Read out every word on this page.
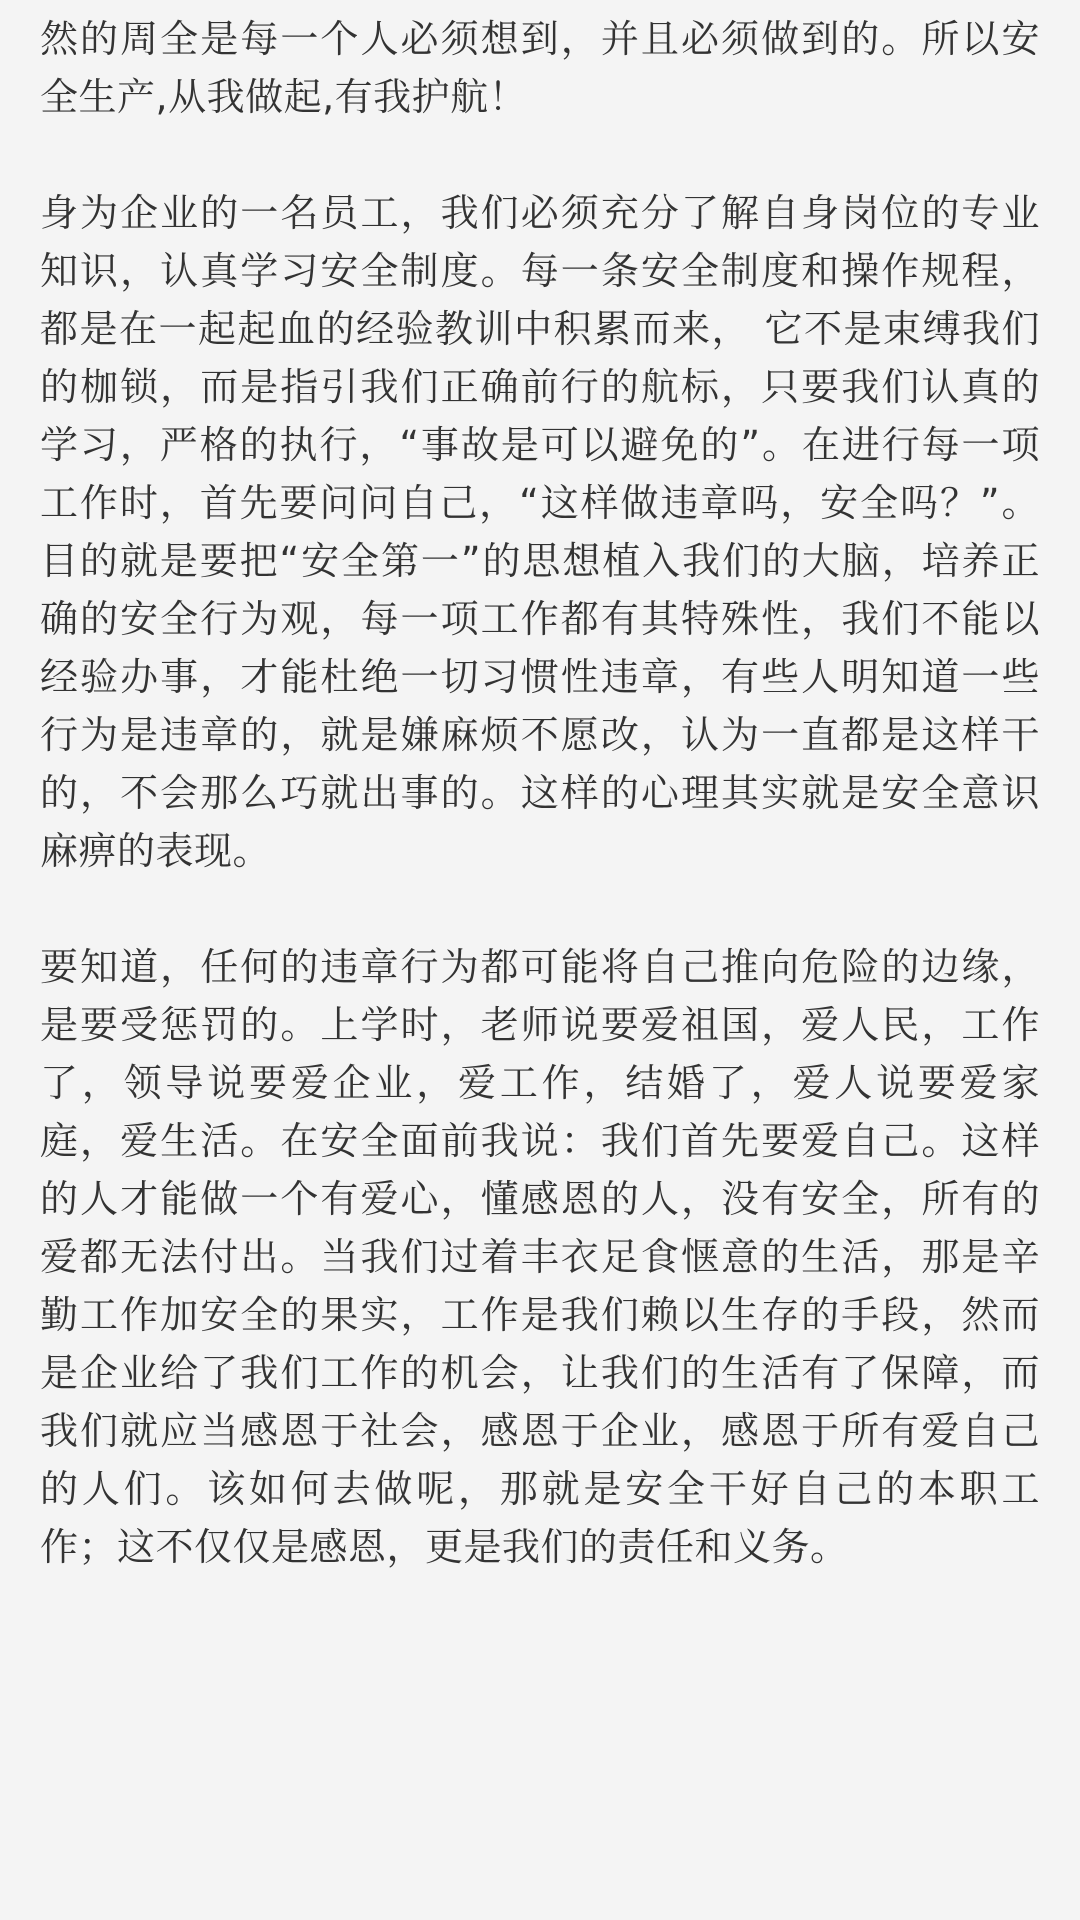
然的周全是每一个人必须想到，并且必须做到的。所以安全生产,从我做起,有我护航！

身为企业的一名员工，我们必须充分了解自身岗位的专业知识，认真学习安全制度。每一条安全制度和操作规程，都是在一起起血的经验教训中积累而来， 它不是束缚我们的枷锁，而是指引我们正确前行的航标，只要我们认真的学习，严格的执行，“事故是可以避免的”。在进行每一项工作时，首先要问问自己，“这样做违章吗，安全吗？”。目的就是要把“安全第一”的思想植入我们的大脑，培养正确的安全行为观，每一项工作都有其特殊性，我们不能以经验办事，才能杜绝一切习惯性违章，有些人明知道一些行为是违章的，就是嫌麻烦不愿改，认为一直都是这样干的，不会那么巧就出事的。这样的心理其实就是安全意识麻痹的表现。

要知道，任何的违章行为都可能将自己推向危险的边缘，是要受惩罚的。上学时，老师说要爱祖国，爱人民，工作了，领导说要爱企业，爱工作，结婚了，爱人说要爱家庭，爱生活。在安全面前我说：我们首先要爱自己。这样的人才能做一个有爱心，懂感恩的人，没有安全，所有的爱都无法付出。当我们过着丰衣足食惬意的生活，那是辛勤工作加安全的果实，工作是我们赖以生存的手段，然而是企业给了我们工作的机会，让我们的生活有了保障，而我们就应当感恩于社会，感恩于企业，感恩于所有爱自己的人们。该如何去做呢，那就是安全干好自己的本职工作；这不仅仅是感恩，更是我们的责任和义务。
